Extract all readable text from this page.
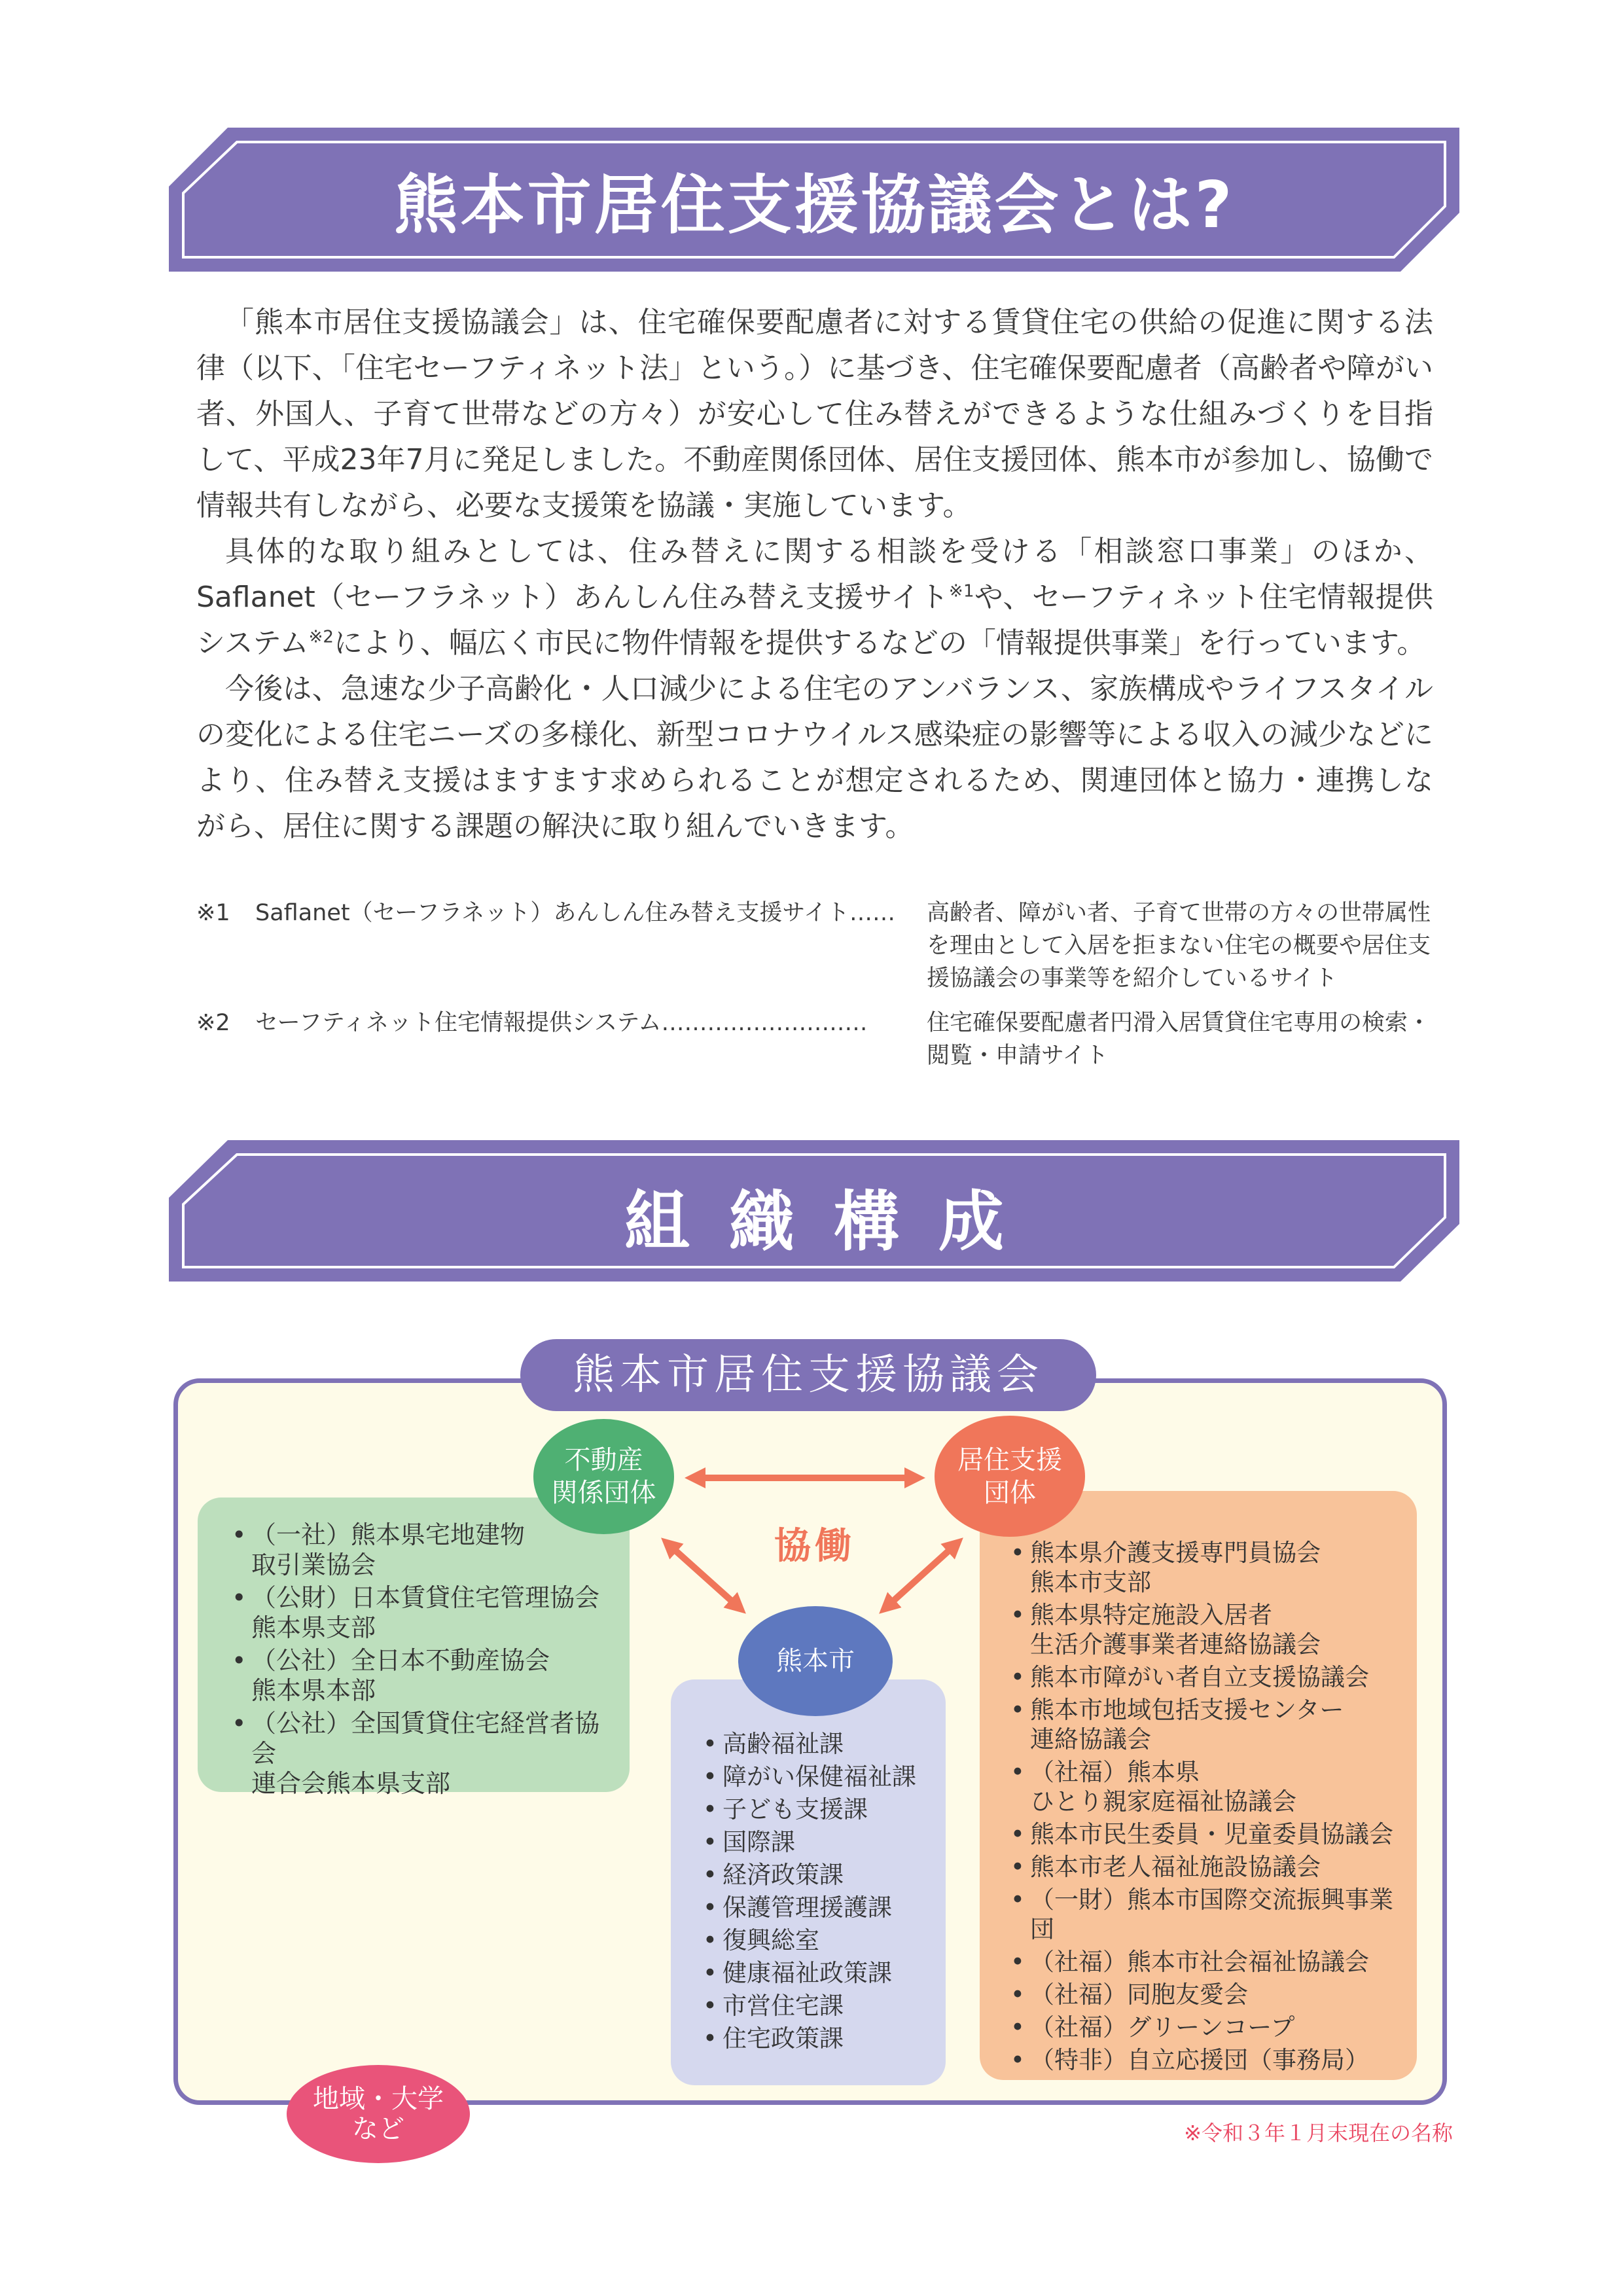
熊本市居住支援協議会とは?

「熊本市居住支援協議会」は、住宅確保要配慮者に対する賃貸住宅の供給の促進に関する法律（以下、「住宅セーフティネット法」という。）に基づき、住宅確保要配慮者（高齢者や障がい者、外国人、子育て世帯などの方々）が安心して住み替えができるような仕組みづくりを目指して、平成23年7月に発足しました。不動産関係団体、居住支援団体、熊本市が参加し、協働で情報共有しながら、必要な支援策を協議・実施しています。

具体的な取り組みとしては、住み替えに関する相談を受ける「相談窓口事業」のほか、Saflanet（セーフラネット）あんしん住み替え支援サイト$^{※1}$や、セーフティネット住宅情報提供システム$^{※2}$により、幅広く市民に物件情報を提供するなどの「情報提供事業」を行っています。

今後は、急速な少子高齢化・人口減少による住宅のアンバランス、家族構成やライフスタイルの変化による住宅ニーズの多様化、新型コロナウイルス感染症の影響等による収入の減少などにより、住み替え支援はますます求められることが想定されるため、関連団体と協力・連携しながら、居住に関する課題の解決に取り組んでいきます。

※1 Saflanet（セーフラネット）あんしん住み替え支援サイト…… 高齢者、障がい者、子育て世帯の方々の世帯属性を理由として入居を拒まない住宅の概要や居住支援協議会の事業等を紹介しているサイト
※2 セーフティネット住宅情報提供システム………………………	住宅確保要配慮者円滑入居賃貸住宅専用の検索・閲覧・申請サイト
組織構成
熊本市居住支援協議会
協働
不動産
関係団体
居住支援
団体
熊本市
地域・大学
など
• （一社）熊本県宅地建物
取引業協会
• （公財）日本賃貸住宅管理協会
熊本県支部
• （公社）全日本不動産協会
熊本県本部
• （公社）全国賃貸住宅経営者協会
連合会熊本県支部
• 高齢福祉課
• 障がい保健福祉課
• 子ども支援課
• 国際課
• 経済政策課
• 保護管理援護課
• 復興総室
• 健康福祉政策課
• 市営住宅課
• 住宅政策課
• 熊本県介護支援専門員協会
熊本市支部
• 熊本県特定施設入居者
生活介護事業者連絡協議会
• 熊本市障がい者自立支援協議会
• 熊本市地域包括支援センター
連絡協議会
• （社福）熊本県
ひとり親家庭福祉協議会
• 熊本市民生委員・児童委員協議会
• 熊本市老人福祉施設協議会
• （一財）熊本市国際交流振興事業団
• （社福）熊本市社会福祉協議会
• （社福）同胞友愛会
• （社福）グリーンコープ
• （特非）自立応援団（事務局）
※令和３年１月末現在の名称
